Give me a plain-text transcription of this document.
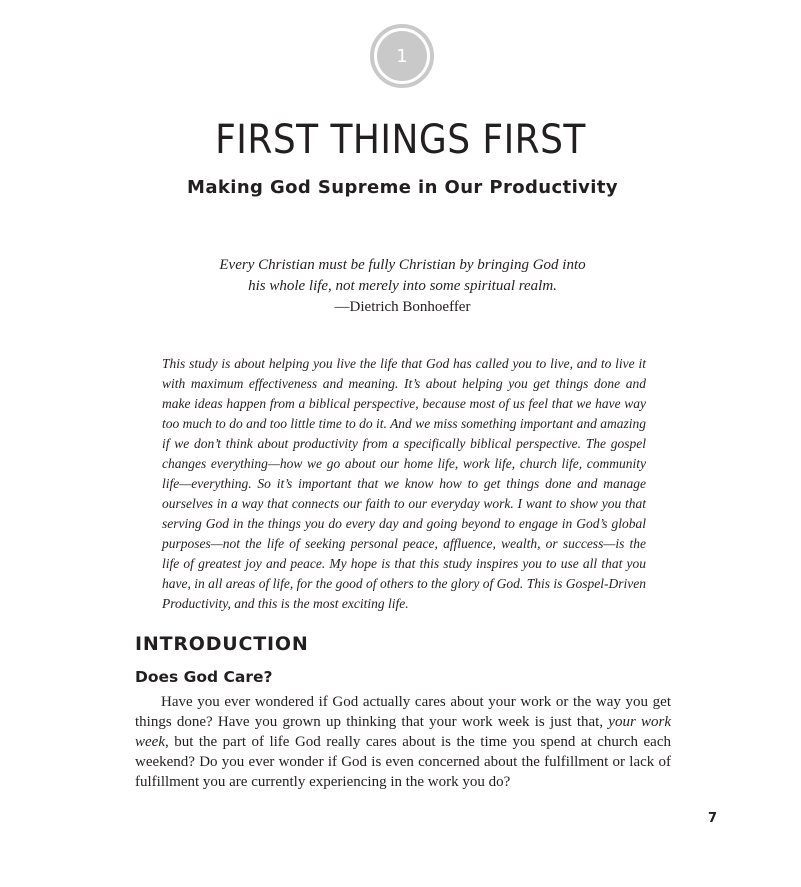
1
FIRST THINGS FIRST
Making God Supreme in Our Productivity

Every Christian must be fully Christian by bringing God into
his whole life, not merely into some spiritual realm.

—Dietrich Bonhoeffer

This study is about helping you live the life that God has called you to live, and to live it with maximum effectiveness and meaning. It’s about helping you get things done and make ideas happen from a biblical perspective, because most of us feel that we have way too much to do and too little time to do it. And we miss something important and amazing if we don’t think about productivity from a specifically biblical perspective. The gospel changes everything—how we go about our home life, work life, church life, community life—everything. So it’s important that we know how to get things done and manage ourselves in a way that connects our faith to our everyday work. I want to show you that serving God in the things you do every day and going beyond to engage in God’s global purposes—not the life of seeking personal peace, affluence, wealth, or success—is the life of greatest joy and peace. My hope is that this study inspires you to use all that you have, in all areas of life, for the good of others to the glory of God. This is Gospel-Driven Productivity, and this is the most exciting life.

INTRODUCTION
Does God Care?

Have you ever wondered if God actually cares about your work or the way you get things done? Have you grown up thinking that your work week is just that, your work week, but the part of life God really cares about is the time you spend at church each weekend? Do you ever wonder if God is even concerned about the fulfillment or lack of fulfillment you are currently experiencing in the work you do?

7
